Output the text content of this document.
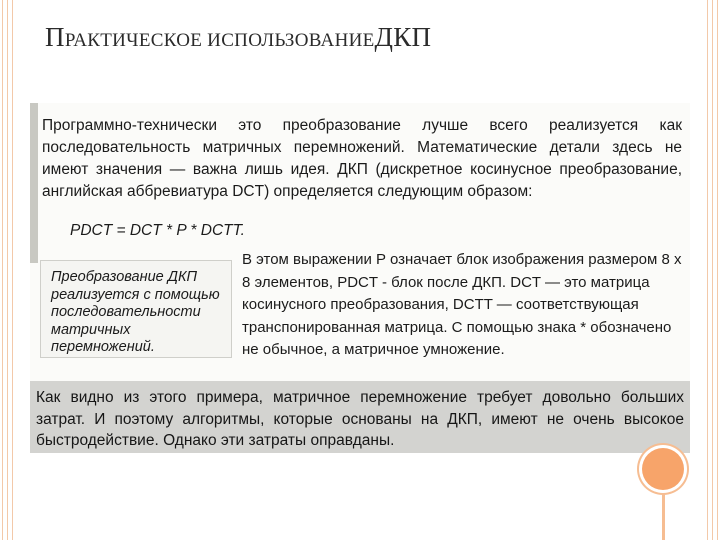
ПРАКТИЧЕСКОЕ ИСПОЛЬЗОВАНИЕДКП

Программно-технически это преобразование лучше всего реализуется как последовательность матричных перемножений. Математические детали здесь не имеют значения — важна лишь идея. ДКП (дискретное косинусное преобразование, английская аббревиатура DCT) определяется следующим образом:

PDCT = DCT * P * DCTT.

Преобразование ДКП реализуется с помощью последовательности матричных перемножений.

В этом выражении P означает блок изображения размером 8 х 8 элементов, PDCT - блок после ДКП. DCT — это матрица косинусного преобразования, DCTT — соответствующая транспонированная матрица. С помощью знака * обозначено не обычное, а матричное умножение.

Как видно из этого примера, матричное перемножение требует довольно больших затрат. И поэтому алгоритмы, которые основаны на ДКП, имеют не очень высокое быстродействие. Однако эти затраты оправданы.
